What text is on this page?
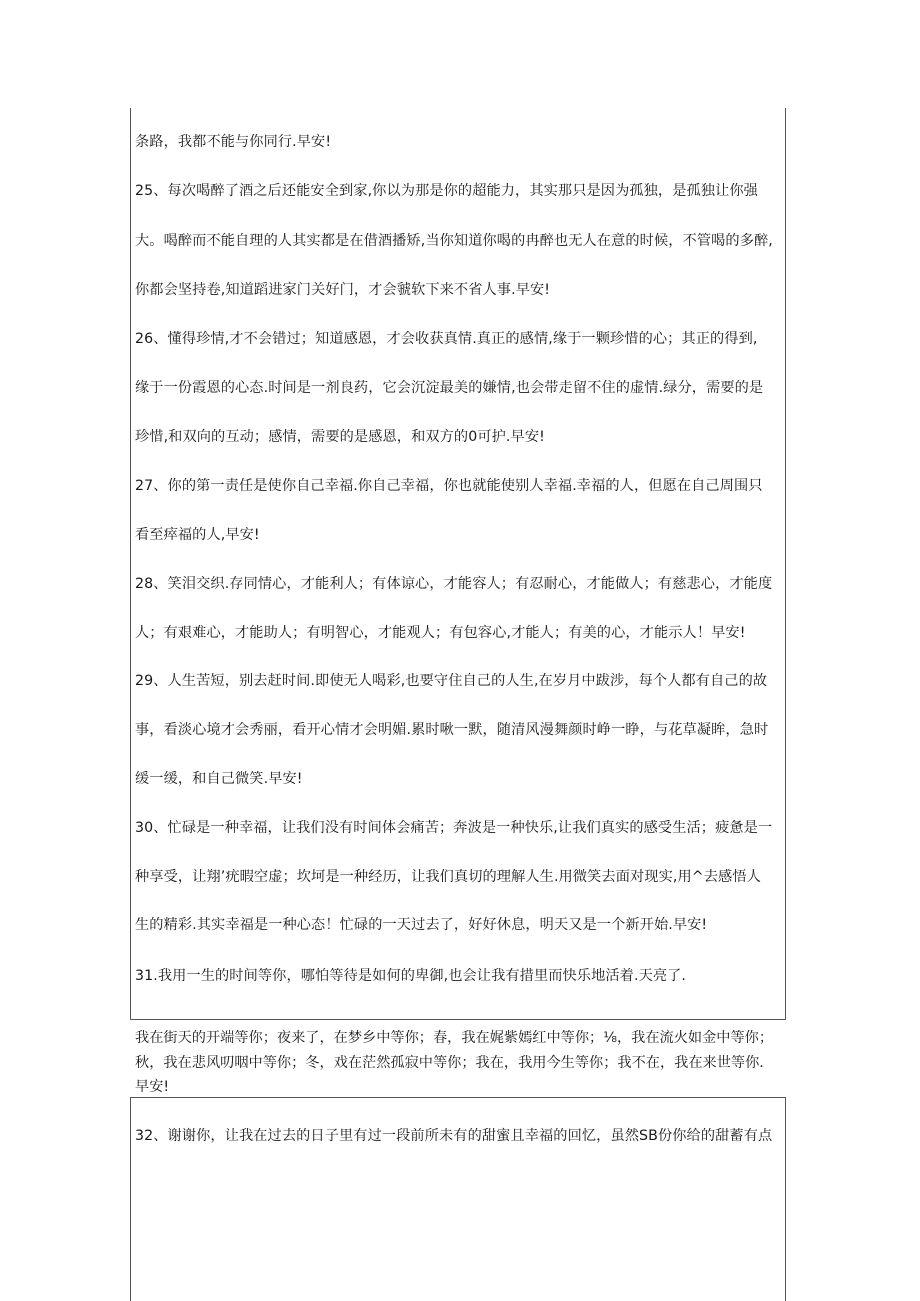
条路，我都不能与你同行.早安!
25、每次喝醉了酒之后还能安全到家,你以为那是你的超能力，其实那只是因为孤独，是孤独让你强
大。喝醉而不能自理的人其实都是在借酒播矫,当你知道你喝的冉醉也无人在意的时候，不管喝的多醉,
你都会坚持卷,知道蹈进家门关好门，才会虢软下来不省人事.早安!
26、懂得珍情,才不会错过；知道感恩，才会收获真情.真正的感情,缘于一颗珍惜的心；其正的得到,
缘于一份霞恩的心态.时间是一剂良药，它会沉淀最美的嫌情,也会带走留不住的虚情.绿分，需要的是
珍惜,和双向的互动；感情，需要的是感恩，和双方的0可护.早安!
27、你的第一责任是使你自己幸福.你自己幸福，你也就能使别人幸福.幸福的人，但愿在自己周围只
看至瘁福的人,早安!
28、笑泪交织.存同情心，才能利人；有体谅心，才能容人；有忍耐心，才能做人；有慈悲心，才能度
人；有艰难心，才能助人；有明智心，才能观人；有包容心,才能人；有美的心，才能示人！早安!
29、人生苦短，别去赶时间.即使无人喝彩,也要守住自己的人生,在岁月中跋涉，每个人都有自己的故
事，看淡心境才会秀丽，看开心情才会明媚.累时啾一默，随清风漫舞颜时峥一睁，与花草凝眸，急时
缓一缓，和自己微笑.早安!
30、忙碌是一种幸福，让我们没有时间体会痛苦；奔波是一种快乐,让我们真实的感受生活；疲惫是一
种享受，让翔’疣暇空虚；坎坷是一种经历，让我们真切的理解人生.用微笑去面对现实,用^去感悟人
生的精彩.其实幸福是一种心态！忙碌的一天过去了，好好休息，明天又是一个新开始.早安!
31.我用一生的时间等你，哪怕等待是如何的卑御,也会让我有措里而快乐地活着.天亮了.
我在街天的开端等你；夜来了，在梦乡中等你；春，我在娓紫嫣红中等你；⅛，我在流火如金中等你；
秋，我在悲风叨咽中等你；冬，戏在茫然孤寂中等你；我在，我用今生等你；我不在，我在来世等你.
早安!
32、谢谢你，让我在过去的日子里有过一段前所未有的甜蜜且幸福的回忆，虽然SB份你给的甜蓄有点
